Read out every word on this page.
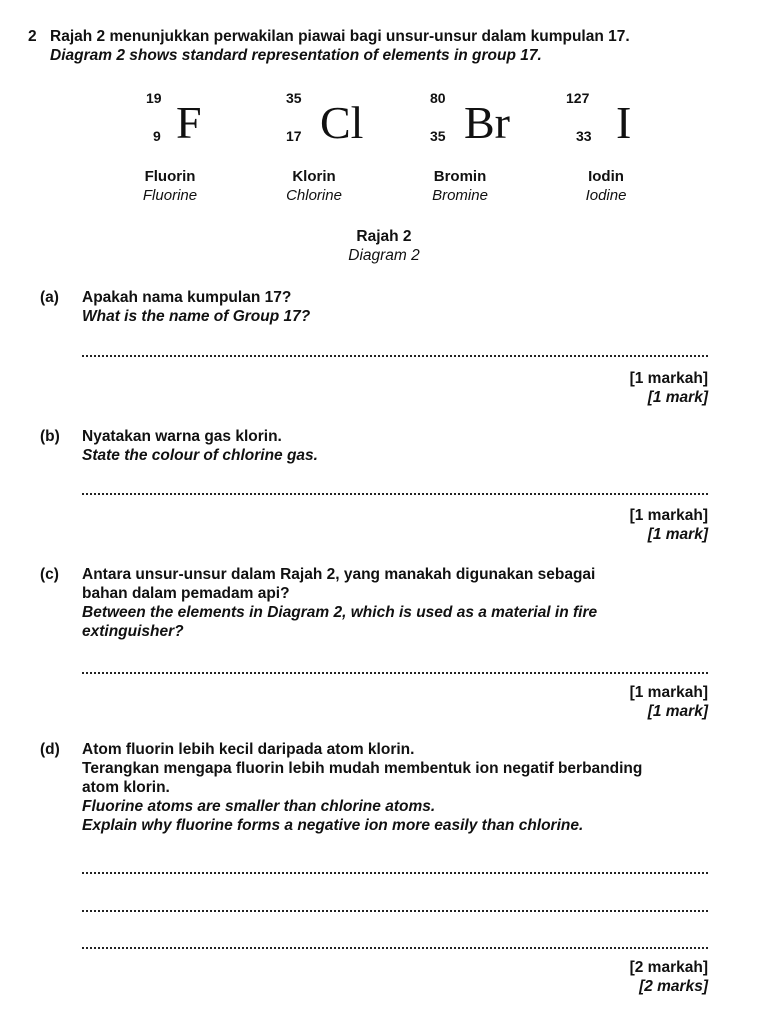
2 Rajah 2 menunjukkan perwakilan piawai bagi unsur-unsur dalam kumpulan 17.
Diagram 2 shows standard representation of elements in group 17.
19
9 F
Fluorin
Fluorine
35
17 Cl
Klorin
Chlorine
80
35 Br
Bromin
Bromine
127
33 I
Iodin
Iodine
Rajah 2
Diagram 2
(a) Apakah nama kumpulan 17?
What is the name of Group 17?
[1 markah]
[1 mark]
(b) Nyatakan warna gas klorin.
State the colour of chlorine gas.
[1 markah]
[1 mark]
(c) Antara unsur-unsur dalam Rajah 2, yang manakah digunakan sebagai
bahan dalam pemadam api?
Between the elements in Diagram 2, which is used as a material in fire
extinguisher?
[1 markah]
[1 mark]
(d) Atom fluorin lebih kecil daripada atom klorin.
Terangkan mengapa fluorin lebih mudah membentuk ion negatif berbanding
atom klorin.
Fluorine atoms are smaller than chlorine atoms.
Explain why fluorine forms a negative ion more easily than chlorine.
[2 markah]
[2 marks]
